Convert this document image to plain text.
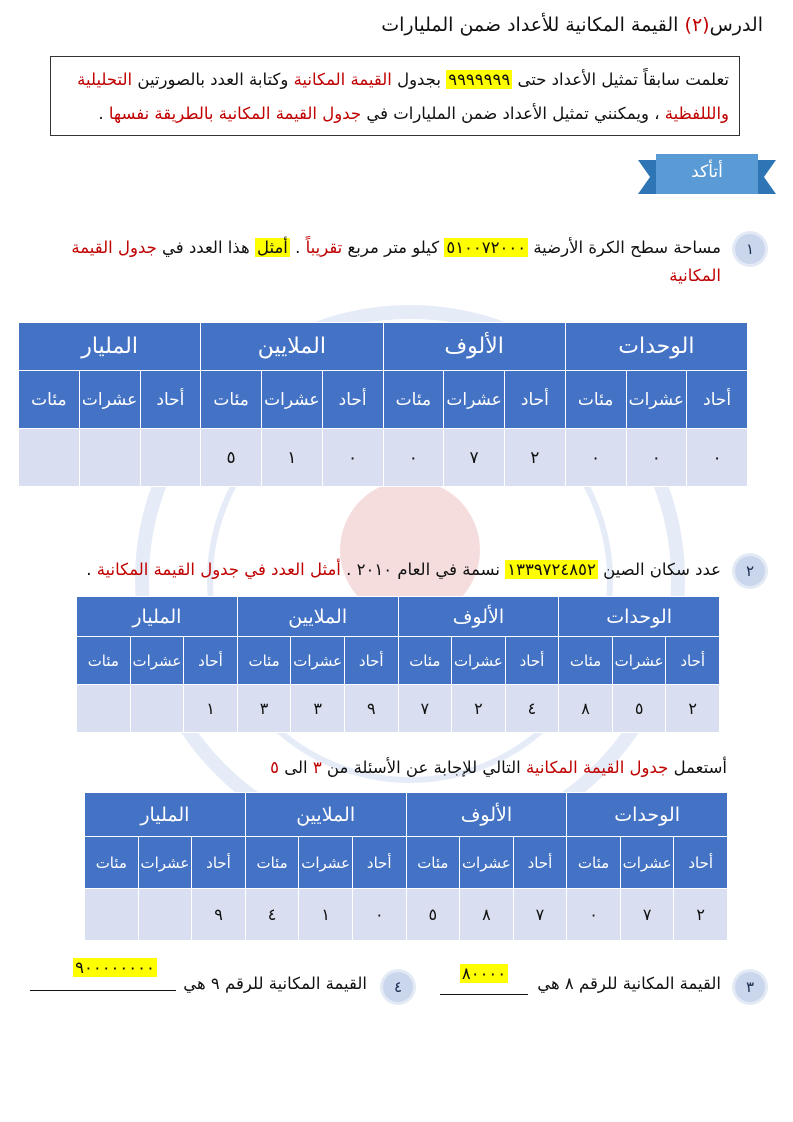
الدرس(٢) القيمة المكانية للأعداد ضمن المليارات
تعلمت سابقاً تمثيل الأعداد حتى ٩٩٩٩٩٩٩ بجدول القيمة المكانية وكتابة العدد بالصورتين التحليلية والللفظية ، ويمكنني تمثيل الأعداد ضمن المليارات في جدول القيمة المكانية بالطريقة نفسها .
أتأكد
١
مساحة سطح الكرة الأرضية ٥١٠٠٧٢٠٠٠ كيلو متر مربع تقريباً . أمثل هذا العدد في جدول القيمة المكانية
الوحدات			الألوف			الملايين			المليار		
أحاد	عشرات	مئات	أحاد	عشرات	مئات	أحاد	عشرات	مئات	أحاد	عشرات	مئات
٠	٠	٠	٢	٧	٠	٠	١	٥			
٢
عدد سكان الصين ١٣٣٩٧٢٤٨٥٢ نسمة في العام ٢٠١٠ . أمثل العدد في جدول القيمة المكانية .
الوحدات			الألوف			الملايين			المليار		
أحاد	عشرات	مئات	أحاد	عشرات	مئات	أحاد	عشرات	مئات	أحاد	عشرات	مئات
٢	٥	٨	٤	٢	٧	٩	٣	٣	١		
أستعمل جدول القيمة المكانية التالي للإجابة عن الأسئلة من ٣ الى ٥
الوحدات			الألوف			الملايين			المليار		
أحاد	عشرات	مئات	أحاد	عشرات	مئات	أحاد	عشرات	مئات	أحاد	عشرات	مئات
٢	٧	٠	٧	٨	٥	٠	١	٤	٩		
٣
القيمة المكانية للرقم ٨ هي
٨٠٠٠٠
٤
القيمة المكانية للرقم ٩ هي
٩٠٠٠٠٠٠٠٠
